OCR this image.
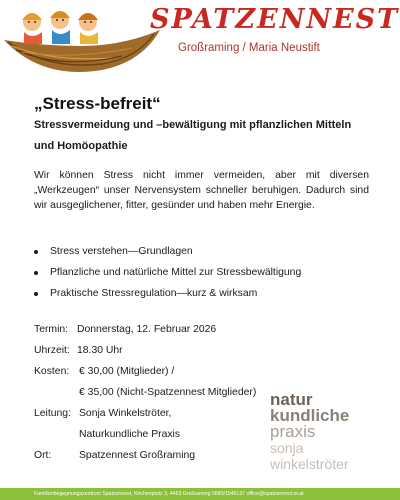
SPATZENNEST
Großraming / Maria Neustift
„Stress-befreit“
Stressvermeidung und –bewältigung mit pflanzlichen Mitteln und Homöopathie
Wir können Stress nicht immer vermeiden, aber mit diversen „Werkzeugen“ unser Nervensystem schneller beruhigen. Dadurch sind wir ausgeglichener, fitter, gesünder und haben mehr Energie.
Stress verstehen—Grundlagen
Pflanzliche und natürliche Mittel zur Stressbewältigung
Praktische Stressregulation—kurz & wirksam
Termin: Donnerstag, 12. Februar 2026
Uhrzeit: 18.30 Uhr
Kosten: € 30,00 (Mitglieder) /
€ 35,00 (Nicht-Spatzennest Mitglieder)
Leitung: Sonja Winkelströter,
Naturkundliche Praxis
Ort:	Spatzennest Großraming
natur
kundliche
praxis
sonja
winkelströter
Familienbegegnungszentrum Spatzennest, Kirchenplatz 3, 4463 Großraming 0680/1546137 office@spatzennest.or.at
